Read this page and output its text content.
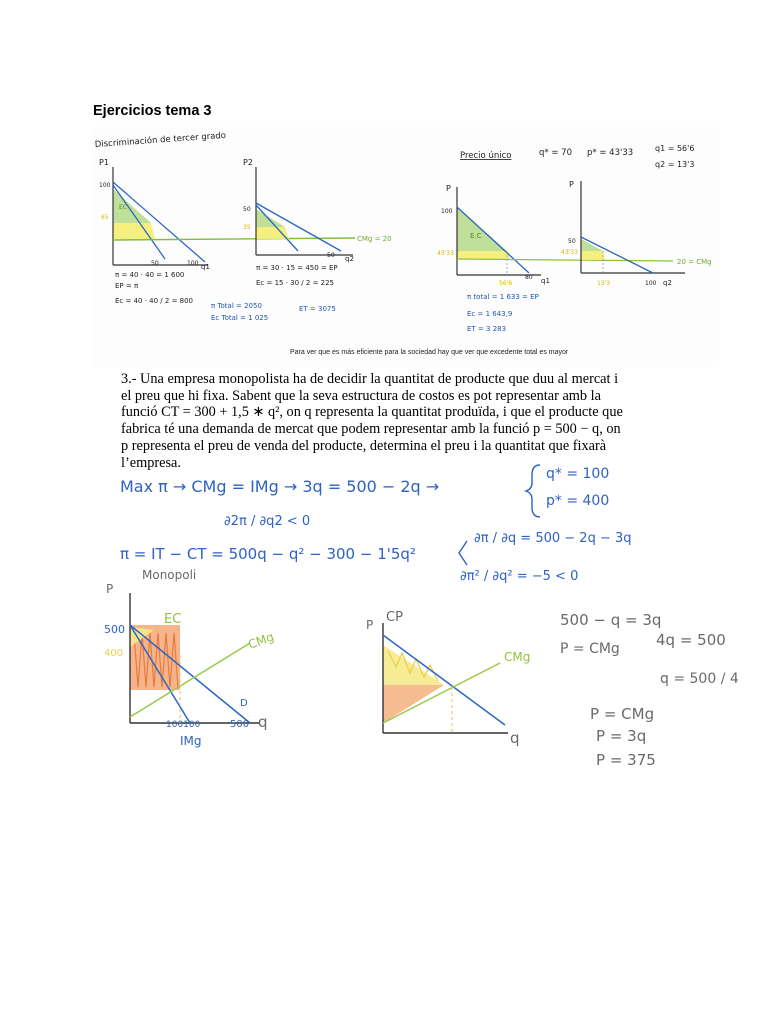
Ejercicios tema 3
Discriminación de tercer grado
P1
100
65
EC
50	100 q1
π = 40 · 40 = 1 600
EP = π
Ec = 40 · 40 / 2 = 800
P2
50
35
50 q2
CMg = 20
π = 30 · 15 = 450 = EP
Ec = 15 · 30 / 2 = 225
π Total = 2050
Ec Total = 1 025
ET = 3075
Precio único	q* = 70 p* = 43'33	q1 = 56'6
q2 = 13'3
P
100
43'33
E.C
56'6
80 q1
π total = 1 633 = EP
Ec = 1 643,9
ET = 3 283
P
50
43'33
13'3	100 q2
20 = CMg
Para ver que es más eficiente para la sociedad hay que ver que excedente total es mayor
3.- Una empresa monopolista ha de decidir la quantitat de producte que duu al mercat i
el preu que hi fixa. Sabent que la seva estructura de costos es pot representar amb la
funció CT = 300 + 1,5 ∗ q², on q representa la quantitat produïda, i que el producte que
fabrica té una demanda de mercat que podem representar amb la funció p = 500 − q, on
p representa el preu de venda del producte, determina el preu i la quantitat que fixarà
l’empresa.
Max π → CMg = IMg → 3q = 500 − 2q →
q* = 100
p* = 400
∂2π / ∂q2 < 0
π = IT − CT = 500q − q² − 300 − 1'5q²
∂π / ∂q = 500 − 2q − 3q
∂π² / ∂q² = −5 < 0
Monopoli
P
500
400
EC
CMg
D
100100	500 q
IMg
P CP
CMg
q
500 − q = 3q
P = CMg 4q = 500
q = 500 / 4
P = CMg
P = 3q
P = 375
